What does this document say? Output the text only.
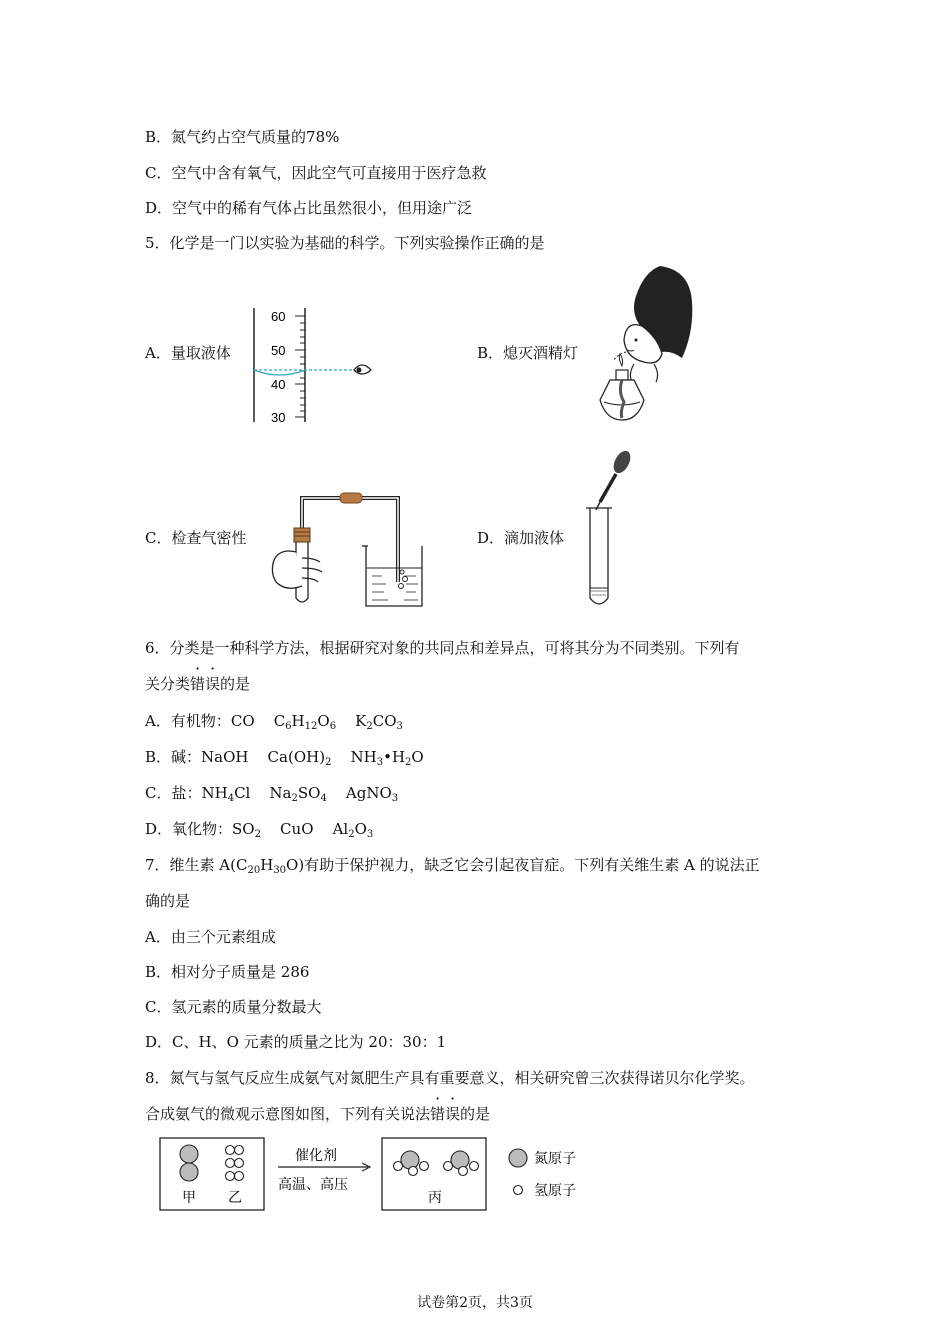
B．氮气约占空气质量的78%
C．空气中含有氧气，因此空气可直接用于医疗急救
D．空气中的稀有气体占比虽然很小，但用途广泛
5．化学是一门以实验为基础的科学。下列实验操作正确的是
A．量取液体
60
50
40
30
B．熄灭酒精灯
C．检查气密性	D．滴加液体
6．分类是一种科学方法，根据研究对象的共同点和差异点，可将其分为不同类别。下列有
关分类错误的是
A．有机物：CO    $C_6H_{12}O_6$    $K_2CO_3$
B．碱：NaOH    $Ca(OH)_2$    $NH_3•H_2O$
C．盐：$NH_4Cl$    $Na_2SO_4$    AgNO$_3$
D．氧化物：$SO_2$    CuO    $Al_2O_3$
7．维生素 $A(C_{20}H_{30}O)$有助于保护视力，缺乏它会引起夜盲症。下列有关维生素 A 的说法正
确的是
A．由三个元素组成
B．相对分子质量是 286
C．氢元素的质量分数最大
D．C、H、O 元素的质量之比为 20：30：1
8．氮气与氢气反应生成氨气对氮肥生产具有重要意义，相关研究曾三次获得诺贝尔化学奖。
合成氨气的微观示意图如图，下列有关说法错误的是
甲 乙
催化剂
高温、高压
丙
氮原子
氢原子
试卷第2页，共3页
